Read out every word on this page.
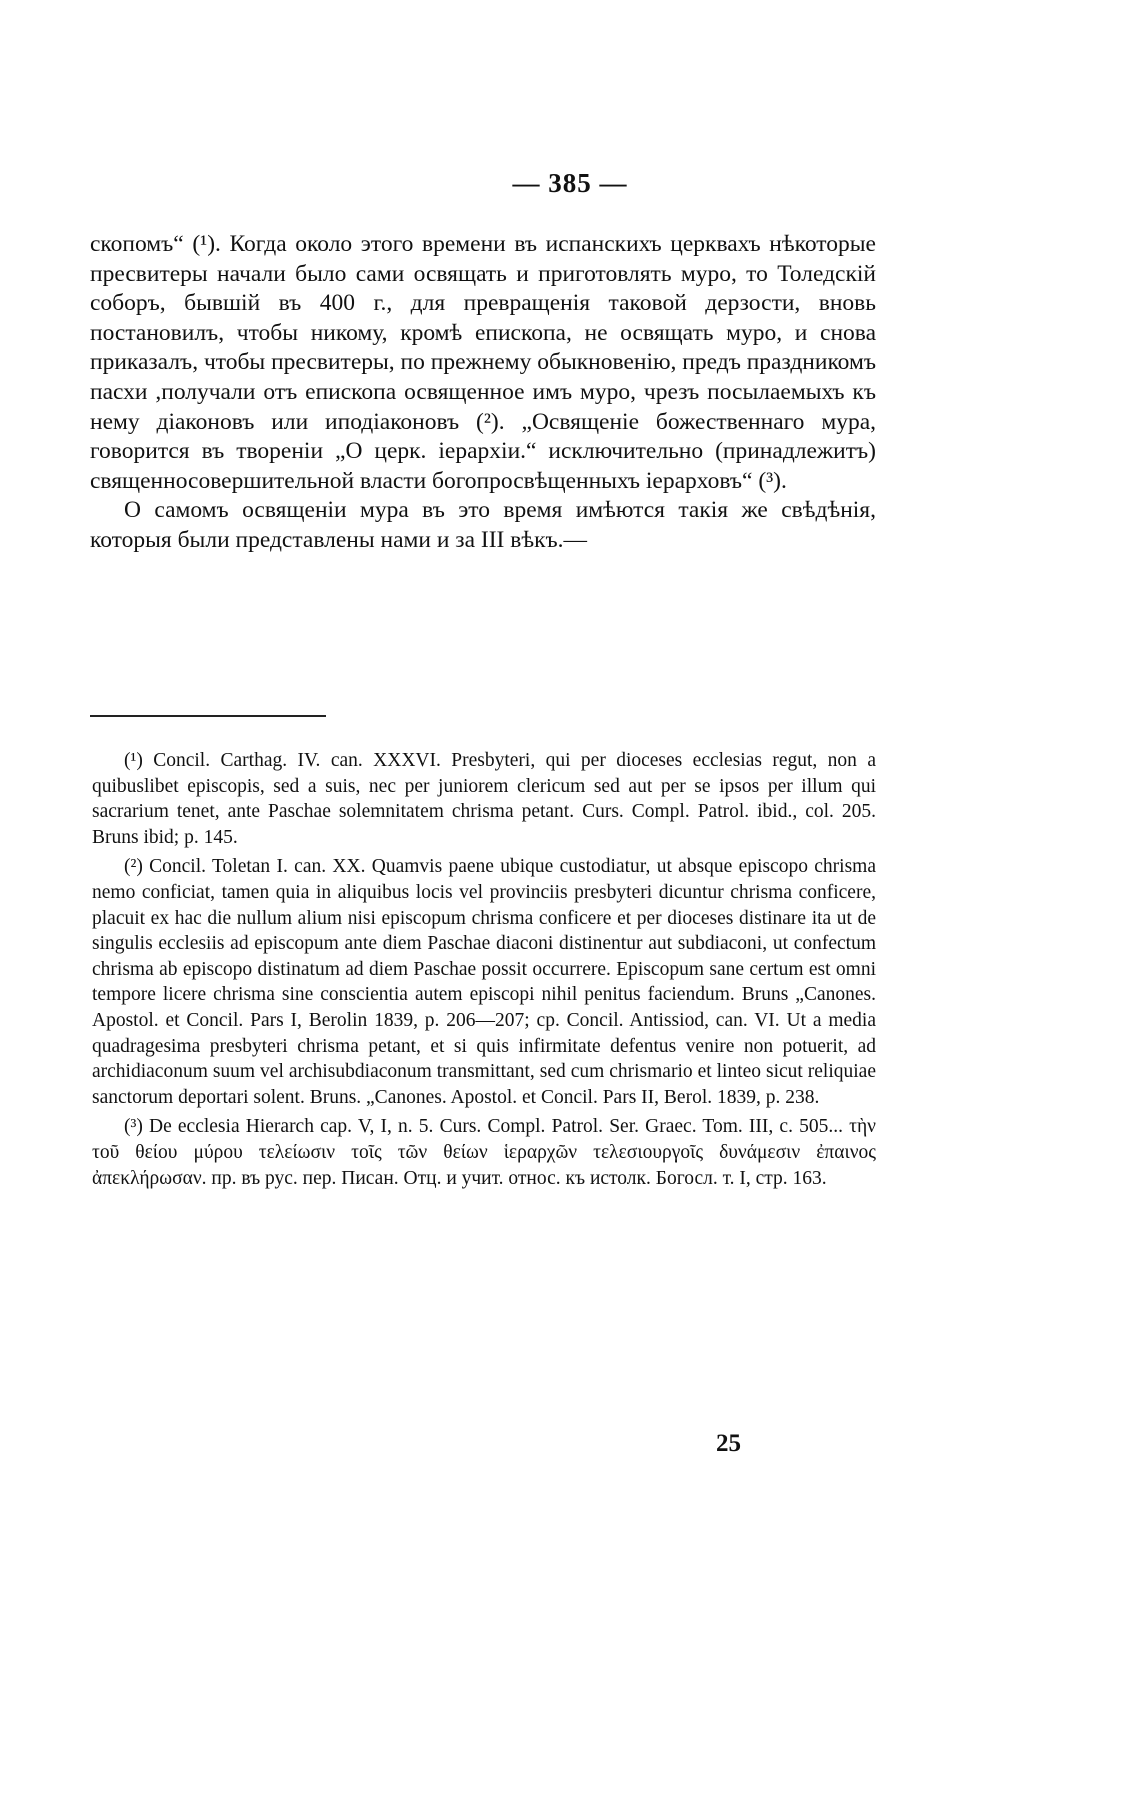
— 385 —

скопомъ“ (¹). Когда около этого времени въ испанскихъ церквахъ нѣкоторые пресвитеры начали было сами освящать и приготовлять муро, то Толедскій соборъ, бывшій въ 400 г., для превращенія таковой дерзости, вновь постановилъ, чтобы никому, кромѣ епископа, не освящать муро, и снова приказалъ, чтобы пресвитеры, по прежнему обыкновенію, предъ праздникомъ пасхи ,получали отъ епископа освященное имъ муро, чрезъ посылаемыхъ къ нему діаконовъ или иподіаконовъ (²). „Освященіе божественнаго мура, говорится въ твореніи „О церк. іерархіи.“ исключительно (принадлежитъ) священносовершительной власти богопросвѣщенныхъ іерарховъ“ (³).

О самомъ освященіи мура въ это время имѣются такія же свѣдѣнія, которыя были представлены нами и за III вѣкъ.—

(¹) Concil. Carthag. IV. can. XXXVI. Presbyteri, qui per dioceses ecclesias regut, non a quibuslibet episcopis, sed a suis, nec per juniorem clericum sed aut per se ipsos per illum qui sacrarium tenet, ante Paschae solemnitatem chrisma petant. Curs. Compl. Patrol. ibid., col. 205. Bruns ibid; p. 145.

(²) Concil. Toletan I. can. XX. Quamvis paene ubique custodiatur, ut absque episcopo chrisma nemo conficiat, tamen quia in aliquibus locis vel provinciis presbyteri dicuntur chrisma conficere, placuit ex hac die nullum alium nisi episcopum chrisma conficere et per dioceses distinare ita ut de singulis ecclesiis ad episcopum ante diem Paschae diaconi distinentur aut subdiaconi, ut confectum chrisma ab episcopo distinatum ad diem Paschae possit occurrere. Episcopum sane certum est omni tempore licere chrisma sine conscientia autem episcopi nihil penitus faciendum. Bruns „Canones. Apostol. et Concil. Pars I, Berolin 1839, p. 206—207; cp. Concil. Antissiod, can. VI. Ut a media quadragesima presbyteri chrisma petant, et si quis infirmitate defentus venire non potuerit, ad archidiaconum suum vel archisubdiaconum transmittant, sed cum chrismario et linteo sicut reliquiae sanctorum deportari solent. Bruns. „Canones. Apostol. et Concil. Pars II, Berol. 1839, p. 238.

(³) De ecclesia Hierarch cap. V, I, n. 5. Curs. Compl. Patrol. Ser. Graec. Tom. III, c. 505... τὴν τοῦ θείου μύρου τελείωσιν τοῖς τῶν θείων ἱεραρχῶν τελεσιουργοῖς δυνάμεσιν ἐπαινος ἀπεκλήρωσαν. пр. въ рус. пер. Писан. Отц. и учит. относ. къ истолк. Богосл. т. I, стр. 163.

25
